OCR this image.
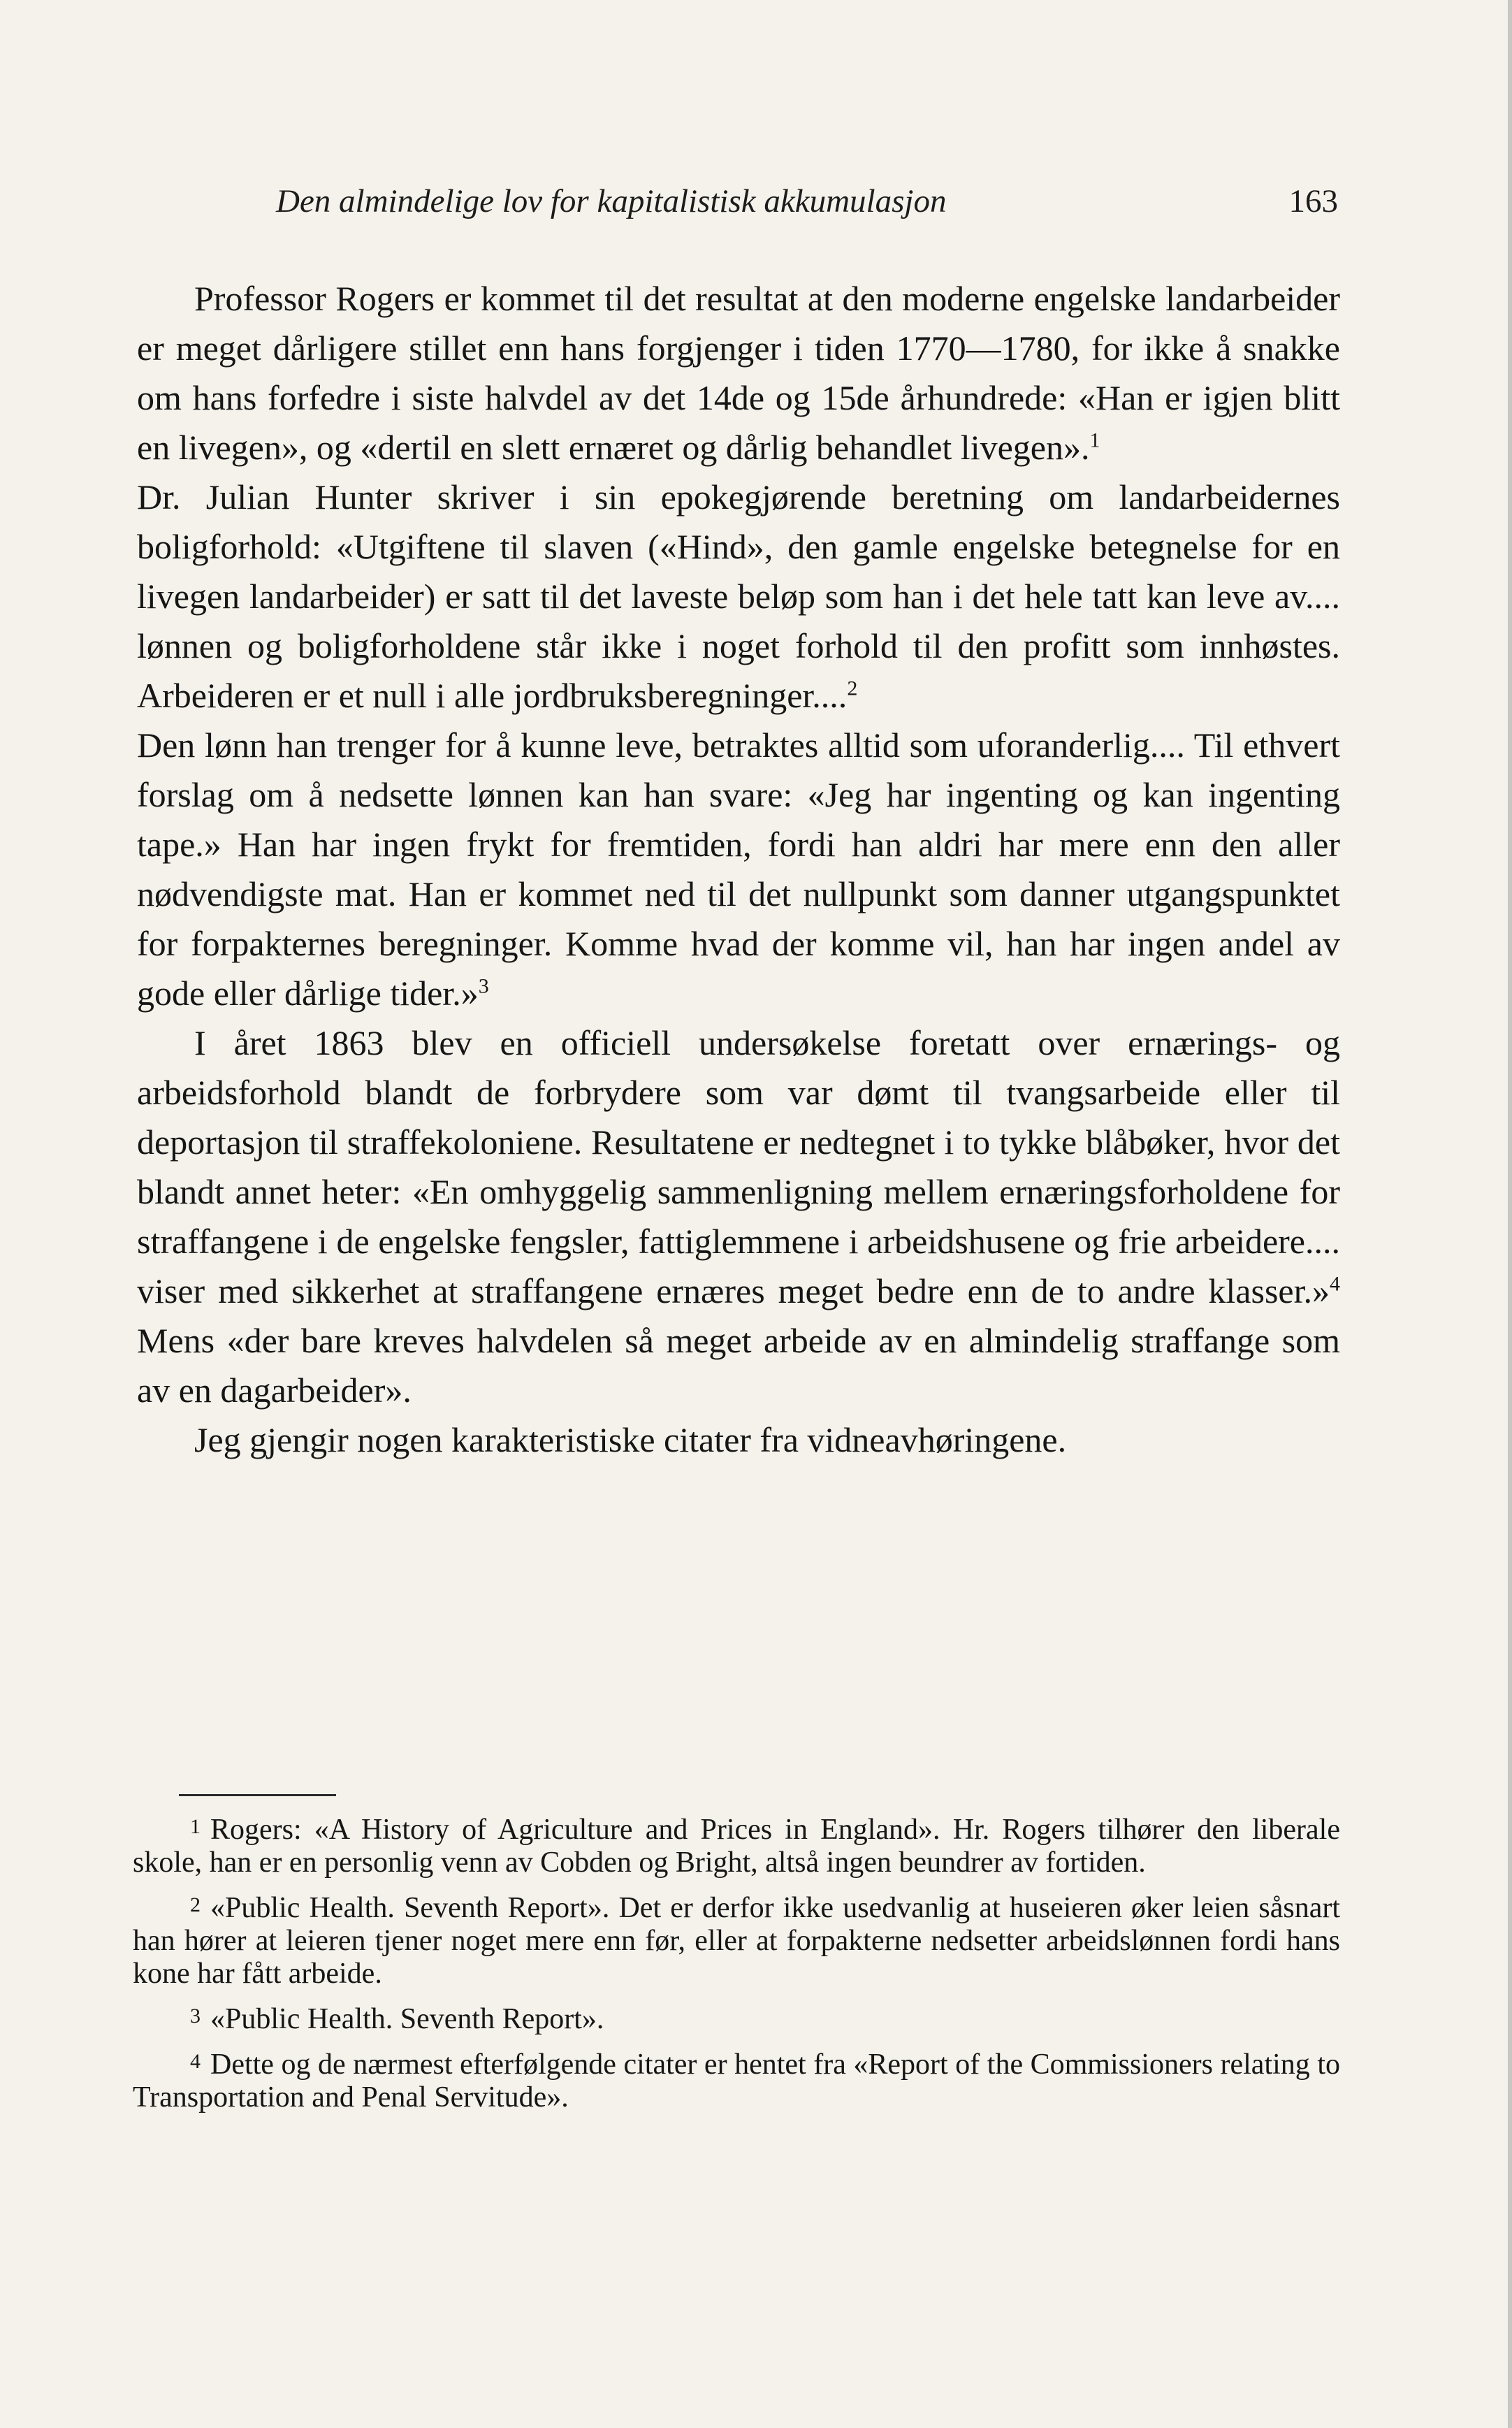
Den almindelige lov for kapitalistisk akkumulasjon	163

Professor Rogers er kommet til det resultat at den moderne engelske landarbeider er meget dårligere stillet enn hans forgjenger i tiden 1770—1780, for ikke å snakke om hans forfedre i siste halvdel av det 14de og 15de århundrede: «Han er igjen blitt en livegen», og «dertil en slett ernæret og dårlig behandlet livegen».$^1$

Dr. Julian Hunter skriver i sin epokegjørende beretning om landarbeidernes boligforhold: «Utgiftene til slaven («Hind», den gamle engelske betegnelse for en livegen landarbeider) er satt til det laveste beløp som han i det hele tatt kan leve av.... lønnen og boligforholdene står ikke i noget forhold til den profitt som innhøstes. Arbeideren er et null i alle jordbruksberegninger....$^2$

Den lønn han trenger for å kunne leve, betraktes alltid som uforanderlig.... Til ethvert forslag om å nedsette lønnen kan han svare: «Jeg har ingenting og kan ingenting tape.» Han har ingen frykt for fremtiden, fordi han aldri har mere enn den aller nødvendigste mat. Han er kommet ned til det nullpunkt som danner utgangspunktet for forpakternes beregninger. Komme hvad der komme vil, han har ingen andel av gode eller dårlige tider.»$^3$

I året 1863 blev en officiell undersøkelse foretatt over ernærings- og arbeidsforhold blandt de forbrydere som var dømt til tvangsarbeide eller til deportasjon til straffekoloniene. Resultatene er nedtegnet i to tykke blåbøker, hvor det blandt annet heter: «En omhyggelig sammenligning mellem ernæringsforholdene for straffangene i de engelske fengsler, fattiglemmene i arbeidshusene og frie arbeidere.... viser med sikkerhet at straffangene ernæres meget bedre enn de to andre klasser.»$^4$ Mens «der bare kreves halvdelen så meget arbeide av en almindelig straffange som av en dagarbeider».

Jeg gjengir nogen karakteristiske citater fra vidneavhøringene.

1 Rogers: «A History of Agriculture and Prices in England». Hr. Rogers tilhører den liberale skole, han er en personlig venn av Cobden og Bright, altså ingen beundrer av fortiden.

2 «Public Health. Seventh Report». Det er derfor ikke usedvanlig at huseieren øker leien såsnart han hører at leieren tjener noget mere enn før, eller at forpakterne nedsetter arbeidslønnen fordi hans kone har fått arbeide.

3 «Public Health. Seventh Report».

4 Dette og de nærmest efterfølgende citater er hentet fra «Report of the Commissioners relating to Transportation and Penal Servitude».
